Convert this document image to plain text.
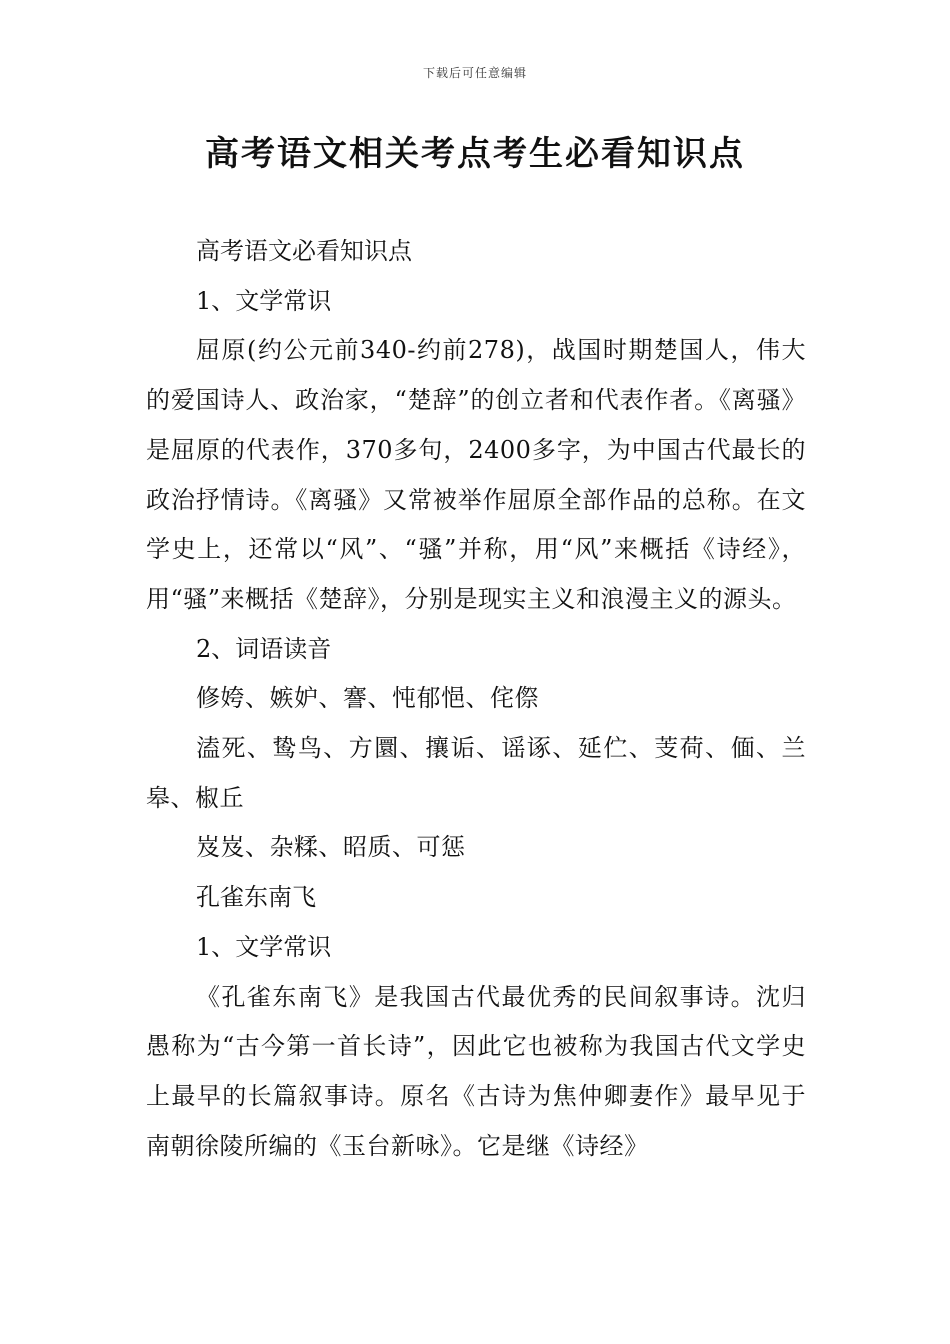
下载后可任意编辑
高考语文相关考点考生必看知识点

高考语文必看知识点

1、文学常识

屈原(约公元前340-约前278)，战国时期楚国人，伟大的爱国诗人、政治家，“楚辞”的创立者和代表作者。《离骚》是屈原的代表作，370多句，2400多字，为中国古代最长的政治抒情诗。《离骚》又常被举作屈原全部作品的总称。在文学史上，还常以“风”、“骚”并称，用“风”来概括《诗经》，用“骚”来概括《楚辞》，分别是现实主义和浪漫主义的源头。

2、词语读音

修姱、嫉妒、謇、忳郁悒、侘傺

溘死、鸷鸟、方圜、攘诟、谣诼、延伫、芰荷、偭、兰皋、椒丘

岌岌、杂糅、昭质、可惩

孔雀东南飞

1、文学常识

《孔雀东南飞》是我国古代最优秀的民间叙事诗。沈归愚称为“古今第一首长诗”，因此它也被称为我国古代文学史上最早的长篇叙事诗。原名《古诗为焦仲卿妻作》最早见于南朝徐陵所编的《玉台新咏》。它是继《诗经》
